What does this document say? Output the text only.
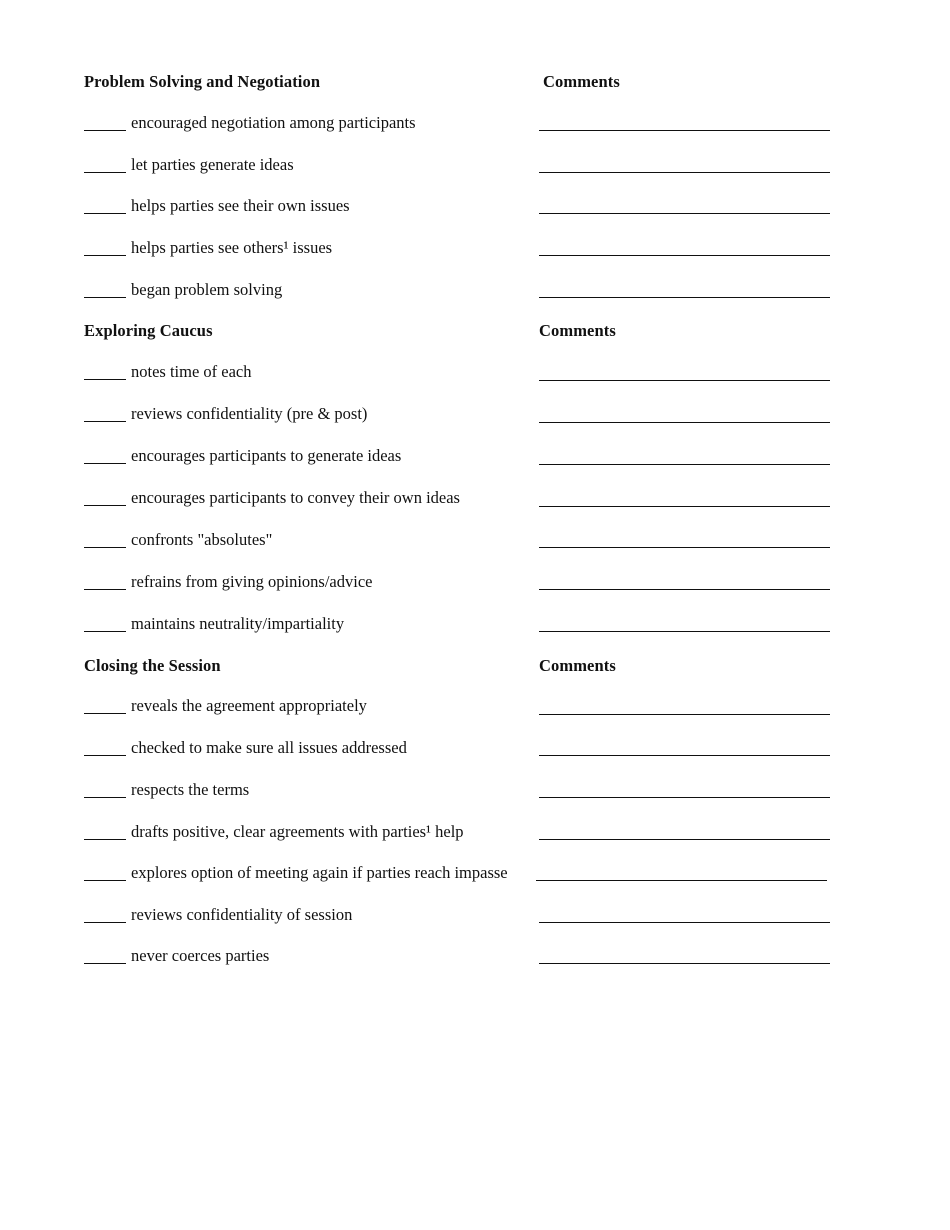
Problem Solving and Negotiation	Comments
encouraged negotiation among participants
let parties generate ideas
helps parties see their own issues
helps parties see others¹ issues
began problem solving
Exploring Caucus	Comments
notes time of each
reviews confidentiality (pre & post)
encourages participants to generate ideas
encourages participants to convey their own ideas
confronts "absolutes"
refrains from giving opinions/advice
maintains neutrality/impartiality
Closing the Session	Comments
reveals the agreement appropriately
checked to make sure all issues addressed
respects the terms
drafts positive, clear agreements with parties¹ help
explores option of meeting again if parties reach impasse
reviews confidentiality of session
never coerces parties
